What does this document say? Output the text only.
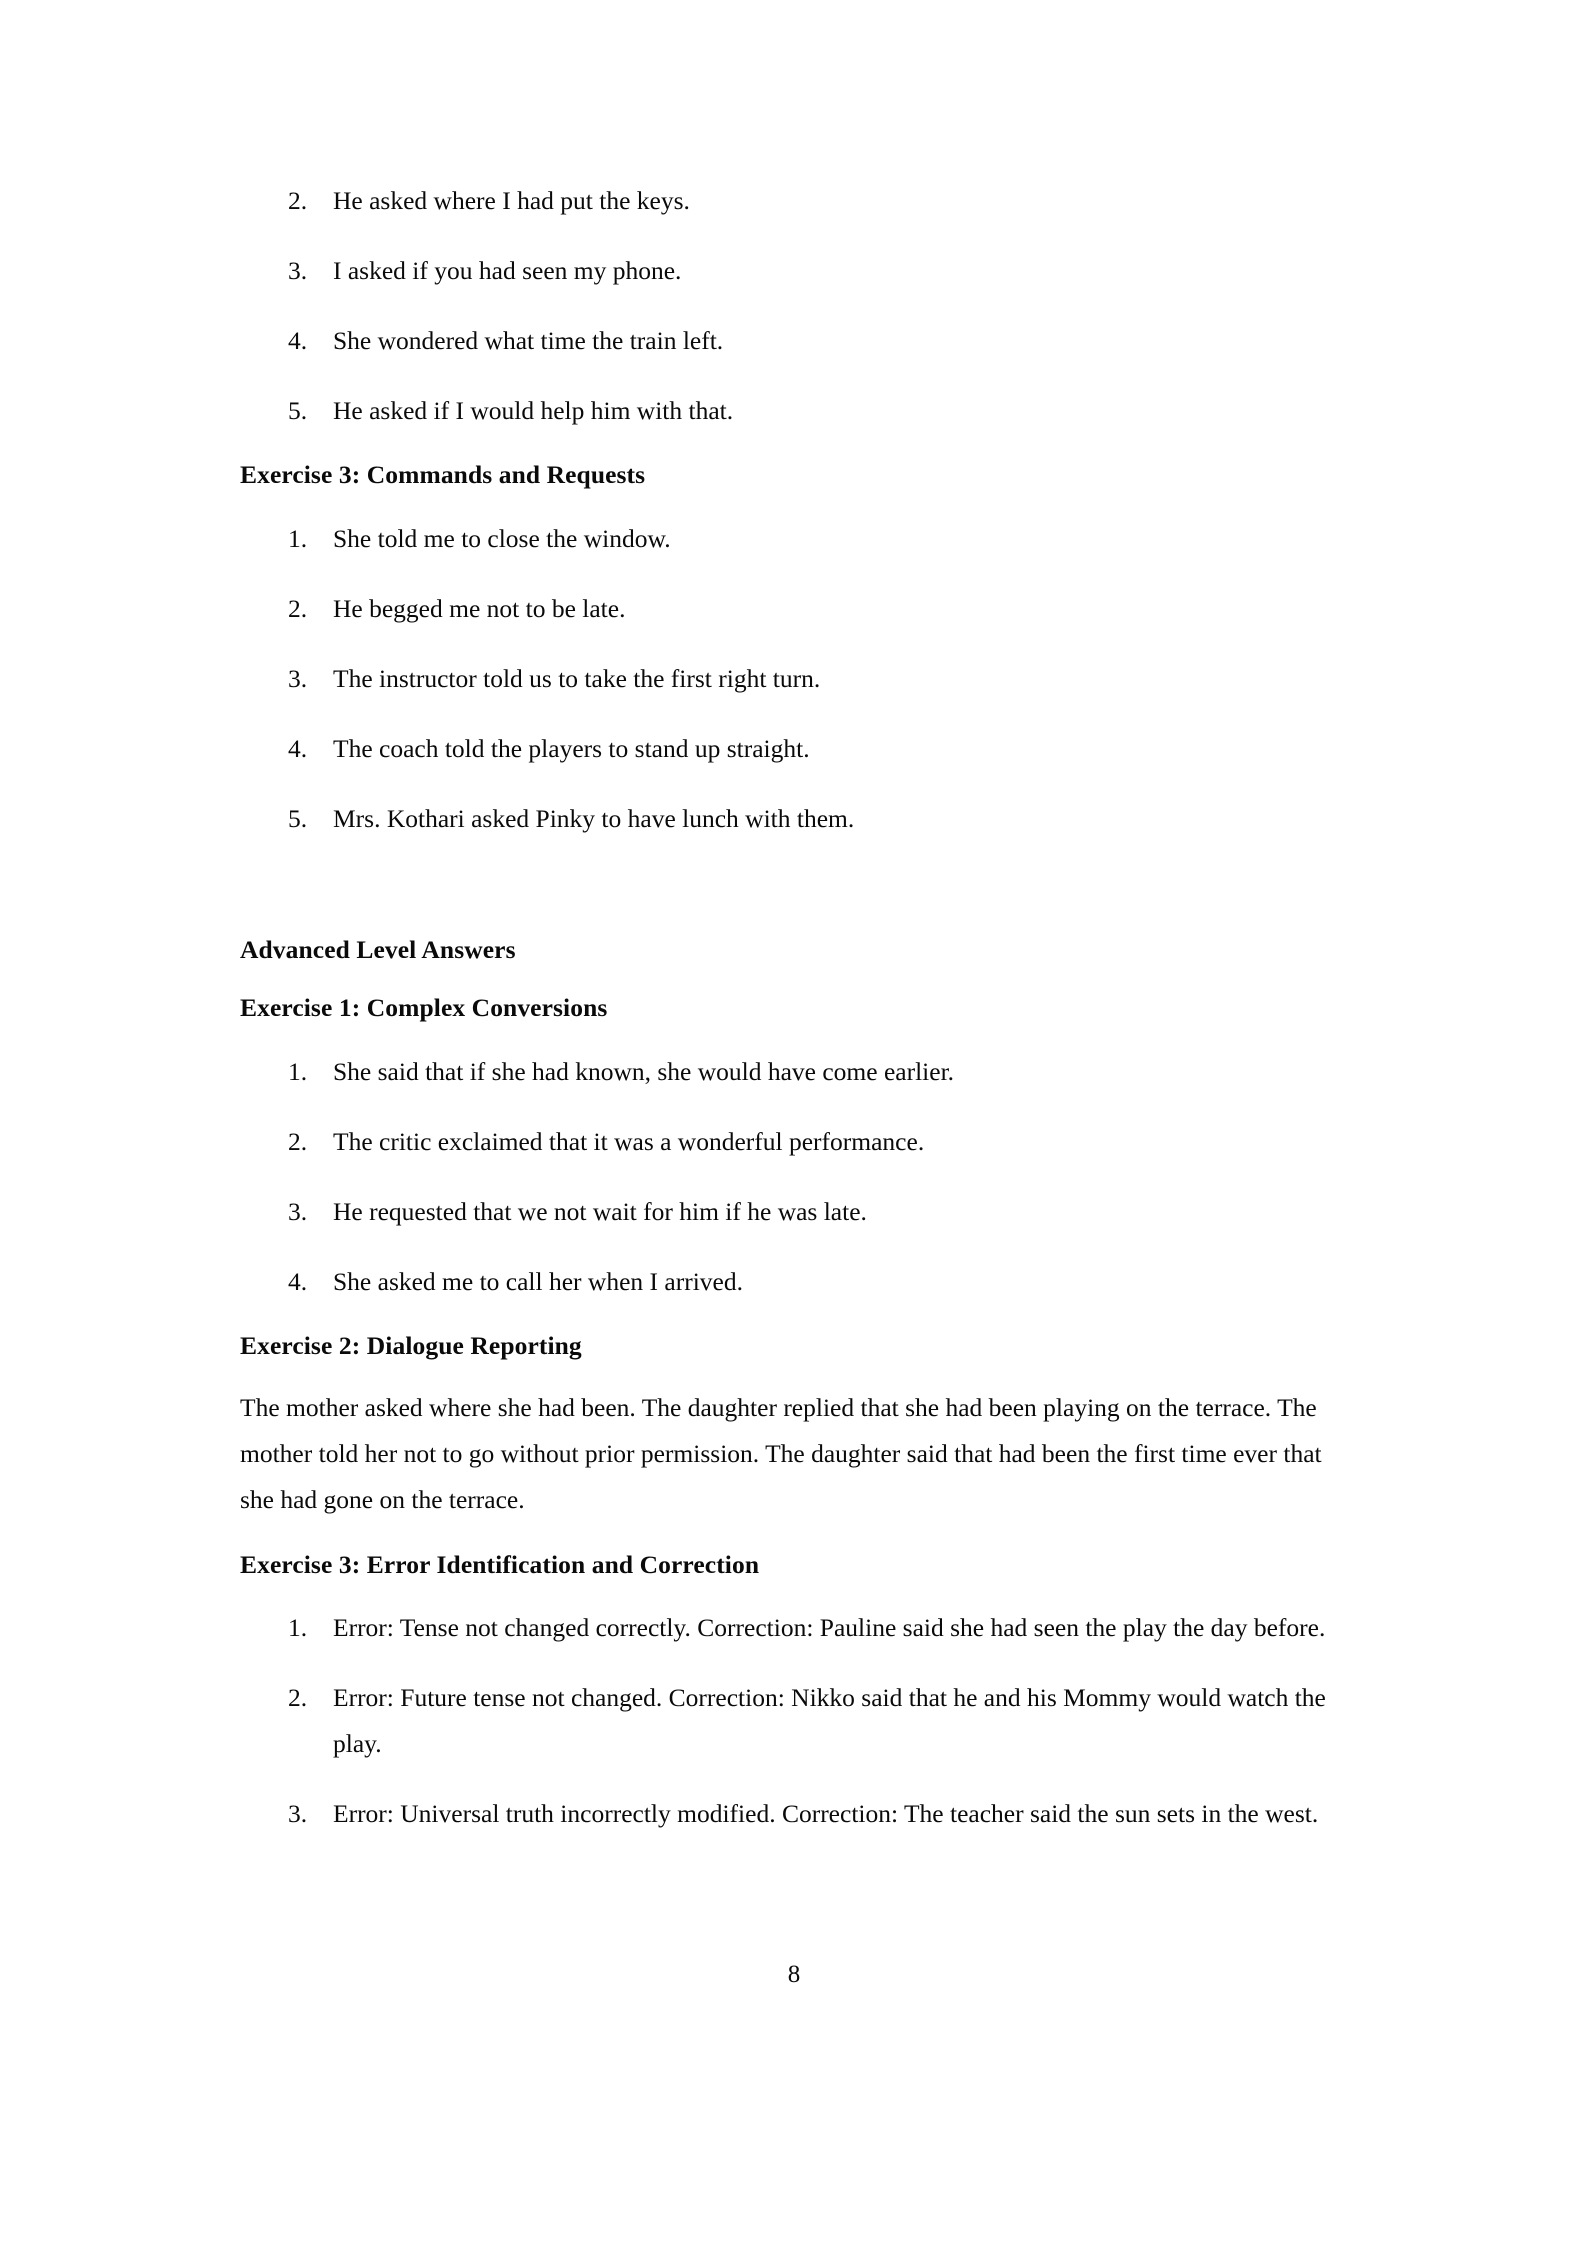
2.	He asked where I had put the keys.
3.	I asked if you had seen my phone.
4.	She wondered what time the train left.
5.	He asked if I would help him with that.
Exercise 3: Commands and Requests
1.	She told me to close the window.
2.	He begged me not to be late.
3.	The instructor told us to take the first right turn.
4.	The coach told the players to stand up straight.
5.	Mrs. Kothari asked Pinky to have lunch with them.
Advanced Level Answers
Exercise 1: Complex Conversions
1.	She said that if she had known, she would have come earlier.
2.	The critic exclaimed that it was a wonderful performance.
3.	He requested that we not wait for him if he was late.
4.	She asked me to call her when I arrived.
Exercise 2: Dialogue Reporting

The mother asked where she had been. The daughter replied that she had been playing on the terrace. The mother told her not to go without prior permission. The daughter said that had been the first time ever that she had gone on the terrace.

Exercise 3: Error Identification and Correction
1.	Error: Tense not changed correctly. Correction: Pauline said she had seen the play the day before.
2.	Error: Future tense not changed. Correction: Nikko said that he and his Mommy would watch the play.
3.	Error: Universal truth incorrectly modified. Correction: The teacher said the sun sets in the west.
8
